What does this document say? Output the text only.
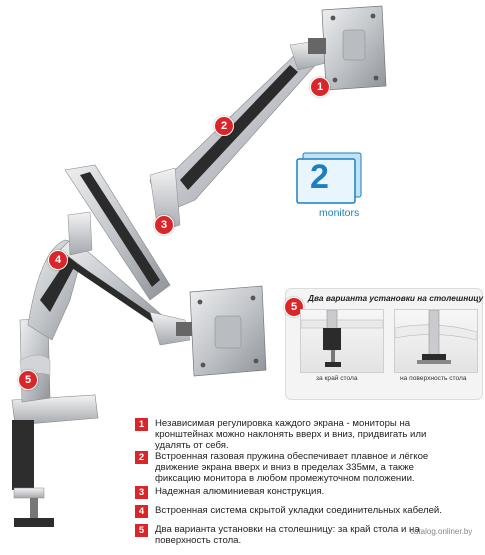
2
monitors
1
2
3
4
5
5
Два варианта установки на столешницу
за край стола	на поверхность стола
1	Независимая регулировка каждого экрана - мониторы на кронштейнах можно наклонять вверх и вниз, придвигать или удалять от себя.
2	Встроенная газовая пружина обеспечивает плавное и лёгкое движение экрана вверх и вниз в пределах 335мм, а также фиксацию монитора в любом промежуточном положении.
3	Надежная алюминиевая конструкция.
4	Встроенная система скрытой укладки соединительных кабелей.
5	Два варианта установки на столешницу: за край стола и на поверхность стола.
catalog.onliner.by
